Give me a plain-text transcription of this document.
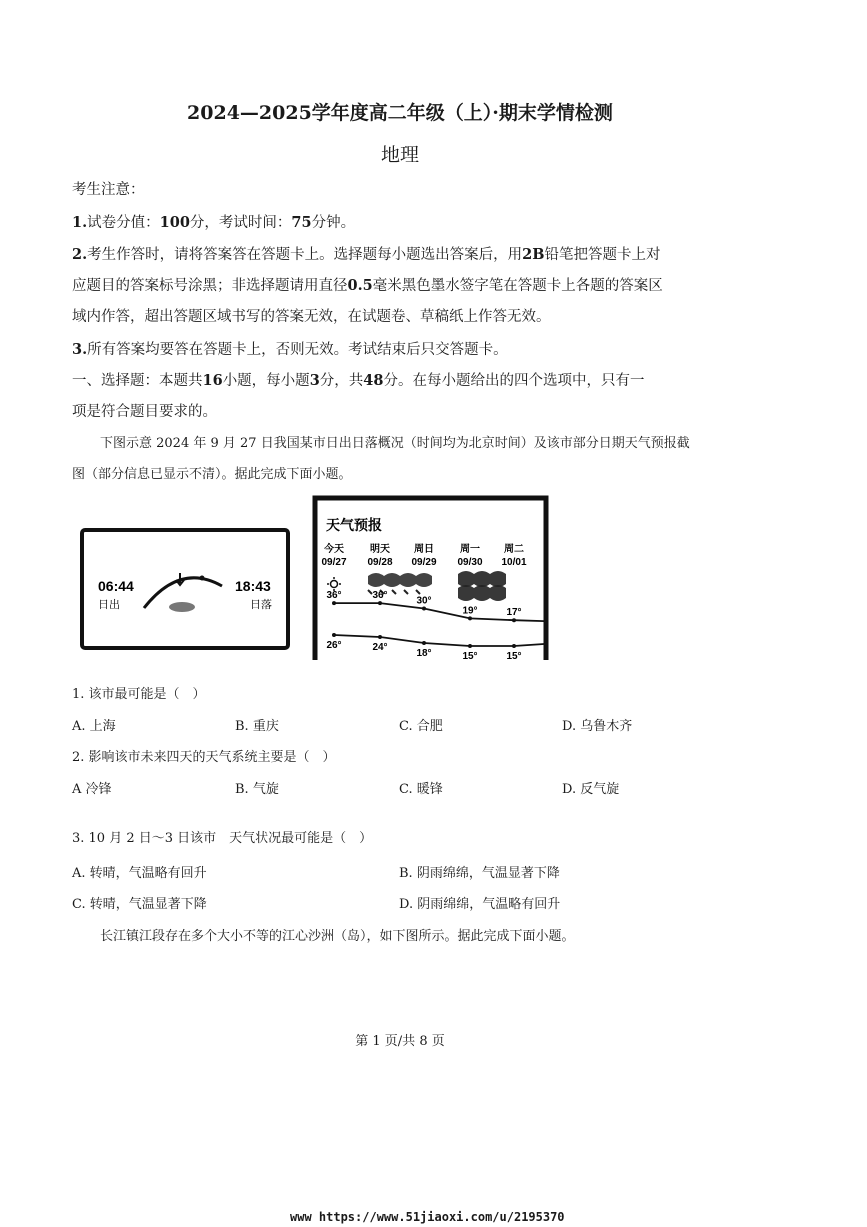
2024—2025学年度高二年级（上）·期末学情检测
地理
考生注意：
1.试卷分值：100分，考试时间：75分钟。
2.考生作答时，请将答案答在答题卡上。选择题每小题选出答案后，用2B铅笔把答题卡上对
应题目的答案标号涂黑；非选择题请用直径0.5毫米黑色墨水签字笔在答题卡上各题的答案区
域内作答，超出答题区域书写的答案无效，在试题卷、草稿纸上作答无效。
3.所有答案均要答在答题卡上，否则无效。考试结束后只交答题卡。
一、选择题：本题共16小题，每小题3分，共48分。在每小题给出的四个选项中，只有一
项是符合题目要求的。
下图示意 2024 年 9 月 27 日我国某市日出日落概况（时间均为北京时间）及该市部分日期天气预报截
图（部分信息已显示不清）。据此完成下面小题。
06:44
日出
18:43
日落
天气预报
今天
09/27
明天
09/28
周日
09/29
周一
09/30
周二
10/01
36°
26°
36°
24°
30°
18°
19°
15°
17°
15°
1. 该市最可能是（　）
A. 上海	B. 重庆	C. 合肥	D. 乌鲁木齐
2. 影响该市未来四天的天气系统主要是（　）
A 冷锋	B. 气旋	C. 暖锋	D. 反气旋
3. 10 月 2 日～3 日该市　天气状况最可能是（　）
A. 转晴，气温略有回升	B. 阴雨绵绵，气温显著下降
C. 转晴，气温显著下降	D. 阴雨绵绵，气温略有回升
长江镇江段存在多个大小不等的江心沙洲（岛），如下图所示。据此完成下面小题。
第 1 页/共 8 页
www https://www.51jiaoxi.com/u/2195370
